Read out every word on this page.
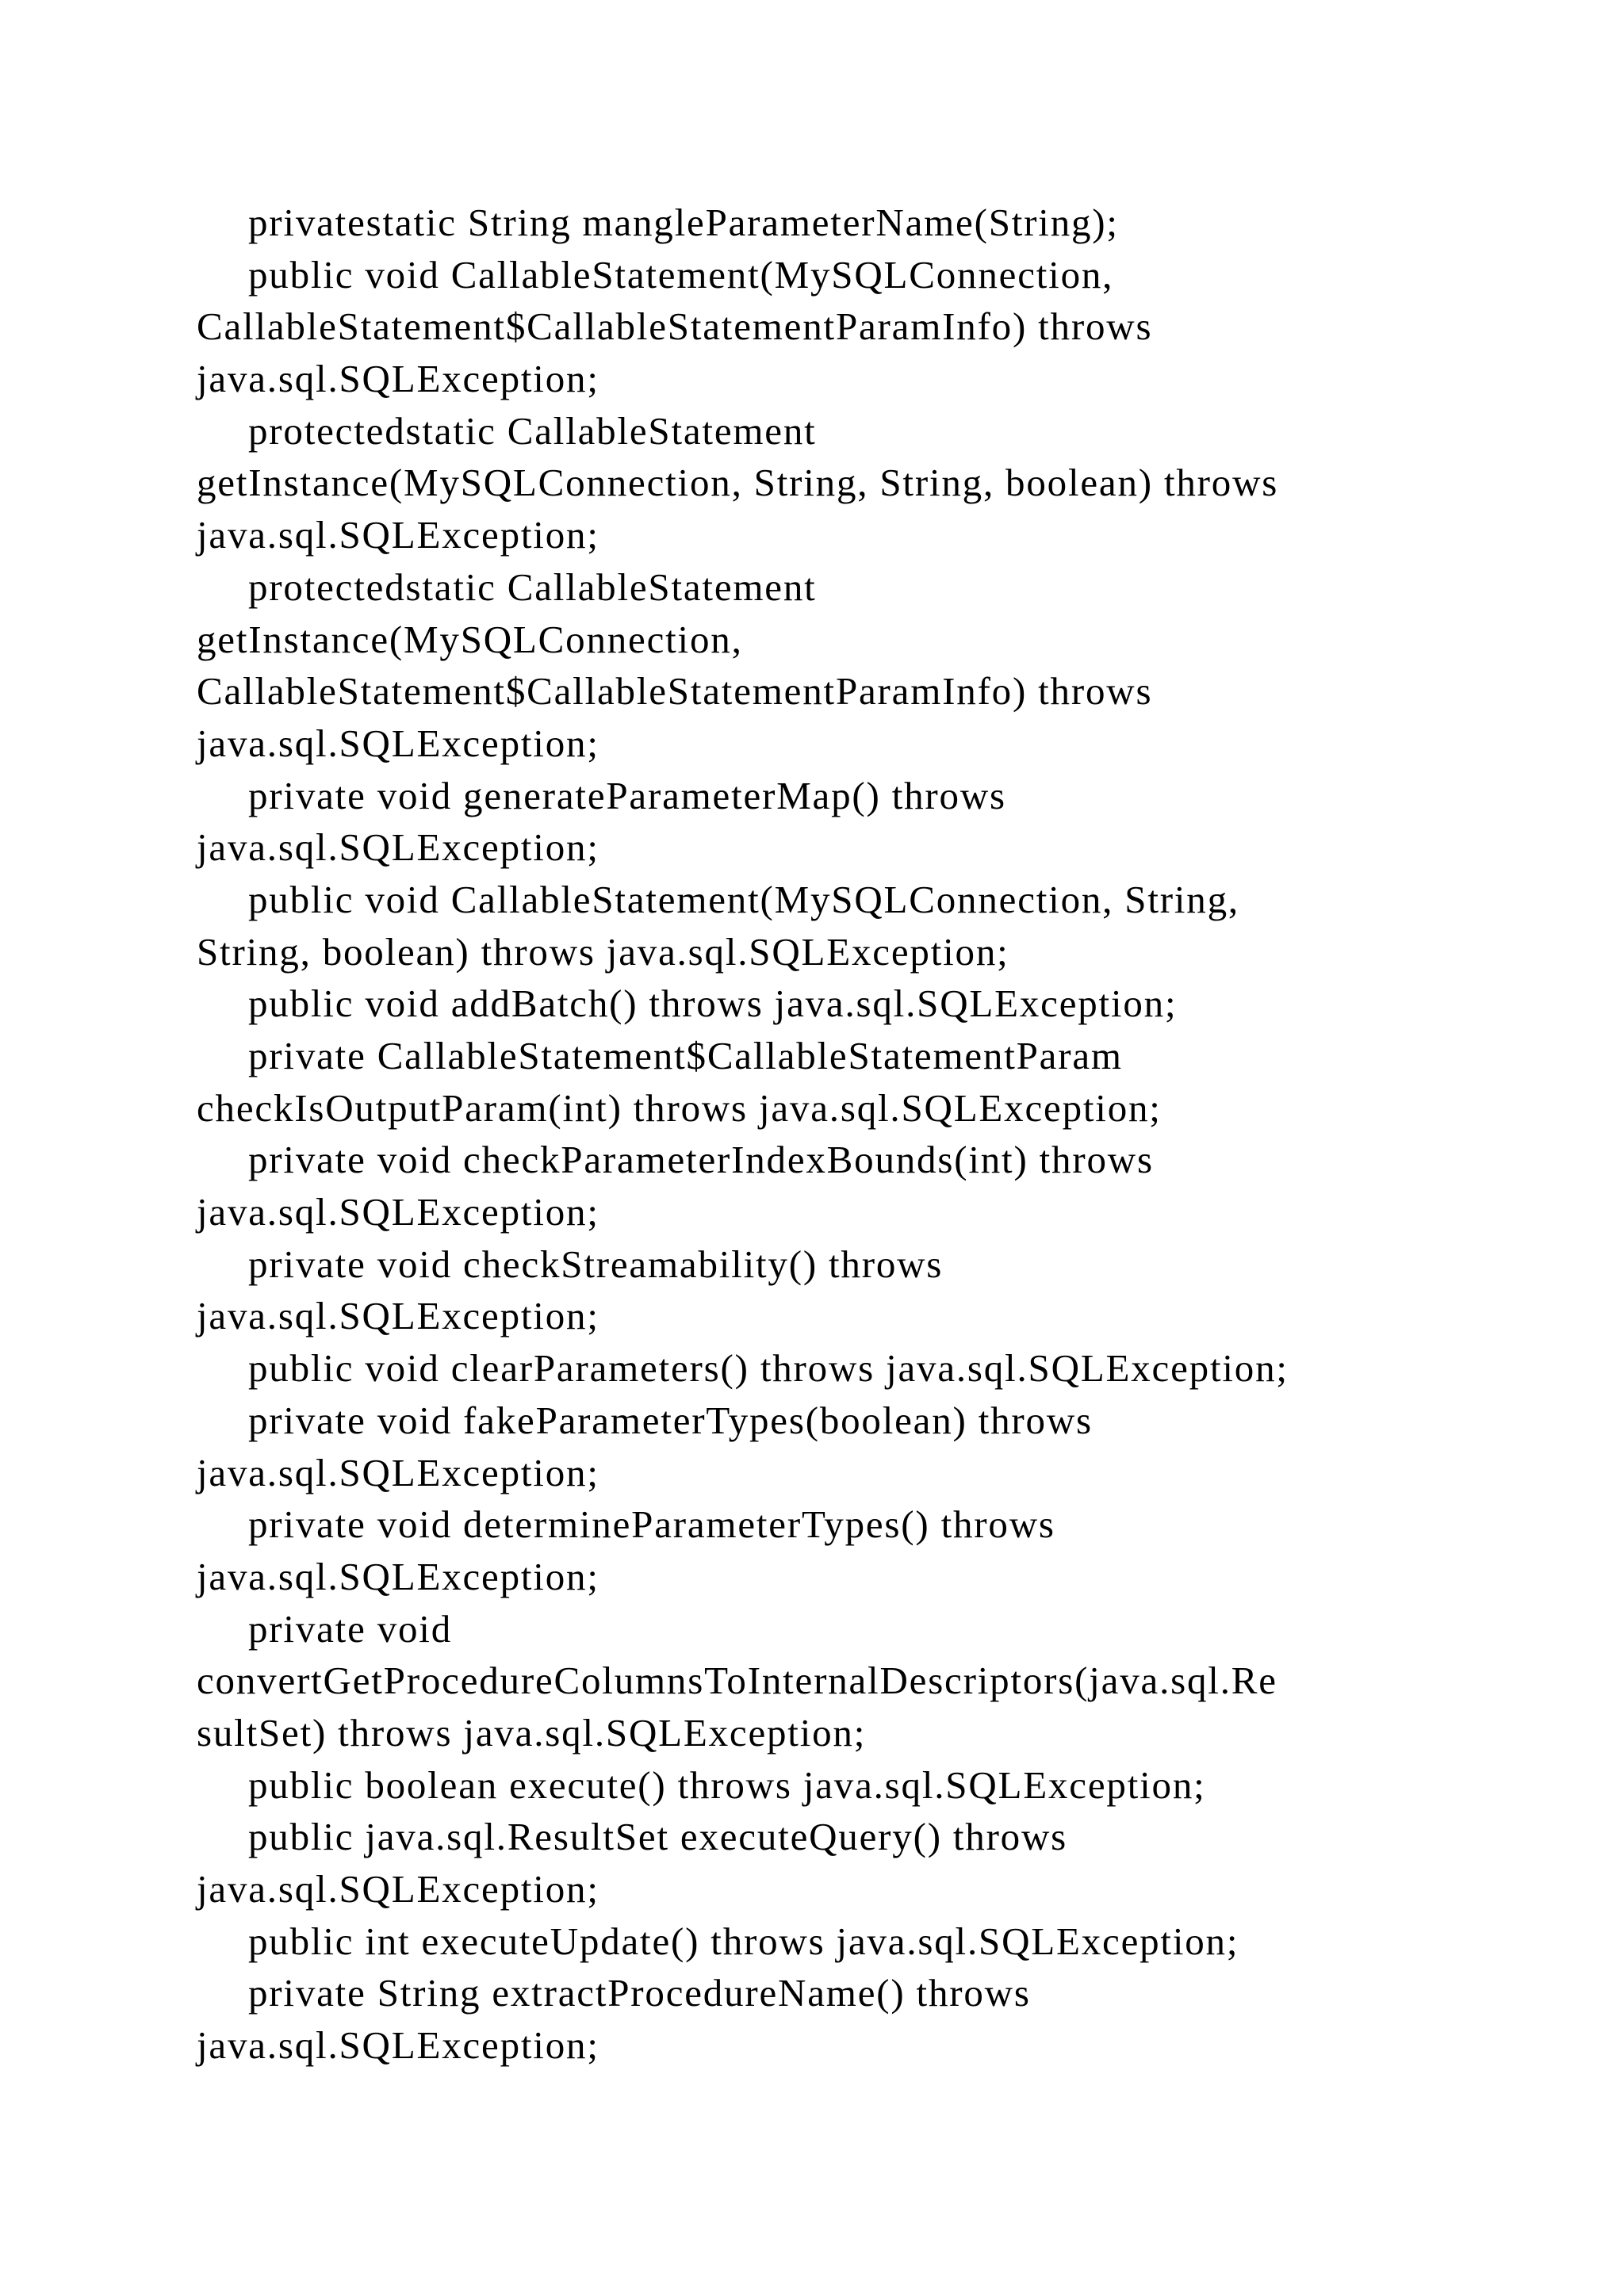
privatestatic String mangleParameterName(String);
public void CallableStatement(MySQLConnection,
CallableStatement$CallableStatementParamInfo) throws
java.sql.SQLException;
protectedstatic CallableStatement
getInstance(MySQLConnection, String, String, boolean) throws
java.sql.SQLException;
protectedstatic CallableStatement
getInstance(MySQLConnection,
CallableStatement$CallableStatementParamInfo) throws
java.sql.SQLException;
private void generateParameterMap() throws
java.sql.SQLException;
public void CallableStatement(MySQLConnection, String,
String, boolean) throws java.sql.SQLException;
public void addBatch() throws java.sql.SQLException;
private CallableStatement$CallableStatementParam
checkIsOutputParam(int) throws java.sql.SQLException;
private void checkParameterIndexBounds(int) throws
java.sql.SQLException;
private void checkStreamability() throws
java.sql.SQLException;
public void clearParameters() throws java.sql.SQLException;
private void fakeParameterTypes(boolean) throws
java.sql.SQLException;
private void determineParameterTypes() throws
java.sql.SQLException;
private void
convertGetProcedureColumnsToInternalDescriptors(java.sql.Re
sultSet) throws java.sql.SQLException;
public boolean execute() throws java.sql.SQLException;
public java.sql.ResultSet executeQuery() throws
java.sql.SQLException;
public int executeUpdate() throws java.sql.SQLException;
private String extractProcedureName() throws
java.sql.SQLException;
